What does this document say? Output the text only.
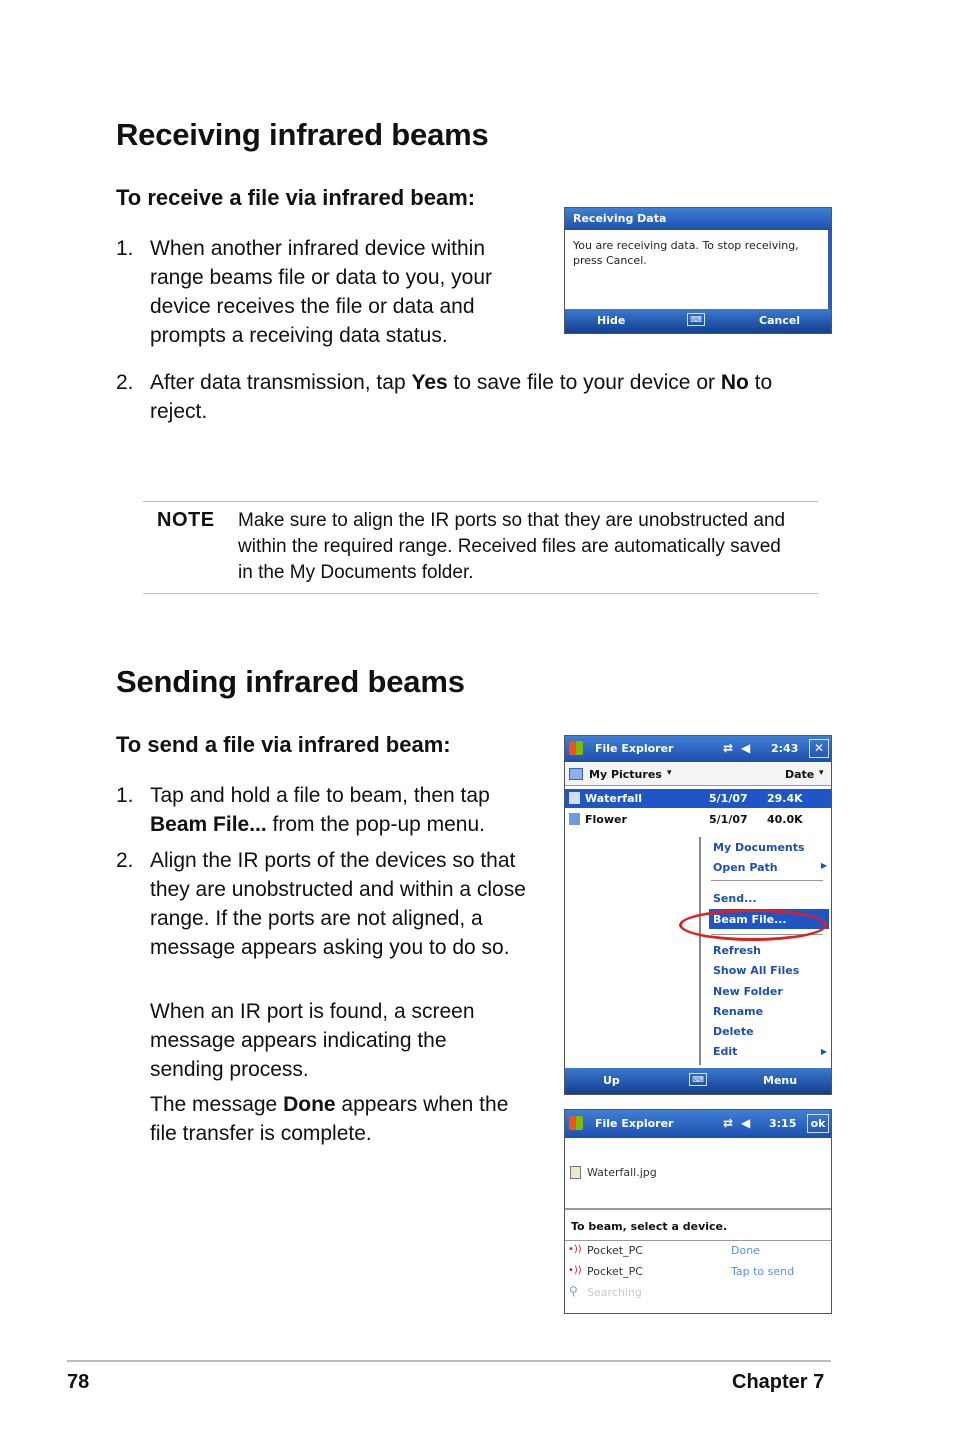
Receiving infrared beams
To receive a file via infrared beam:
1. When another infrared device within range beams file or data to you, your device receives the file or data and prompts a receiving data status.
2. After data transmission, tap Yes to save file to your device or No to reject.
Receiving Data
You are receiving data. To stop receiving, press Cancel.
Hide	⌨	Cancel
NOTE Make sure to align the IR ports so that they are unobstructed and within the required range. Received files are automatically saved in the My Documents folder.
Sending infrared beams
To send a file via infrared beam:
1. Tap and hold a file to beam, then tap Beam File... from the pop-up menu.
2. Align the IR ports of the devices so that they are unobstructed and within a close range. If the ports are not aligned, a message appears asking you to do so.
When an IR port is found, a screen message appears indicating the sending process.
The message Done appears when the file transfer is complete.
File Explorer	⇄ ◀ 2:43	✕
My Pictures ▾	Date ▾
Waterfall	5/1/07 29.4K
Flower	5/1/07 40.0K
My Documents
Open Path	▶
Send...
Beam File...
Refresh
Show All Files
New Folder
Rename
Delete
Edit	▶
Up	⌨	Menu
File Explorer	⇄ ◀ 3:15	ok
Waterfall.jpg
To beam, select a device.
•)) Pocket_PC	Done
•)) Pocket_PC	Tap to send
⚲ Searching
78	Chapter 7
